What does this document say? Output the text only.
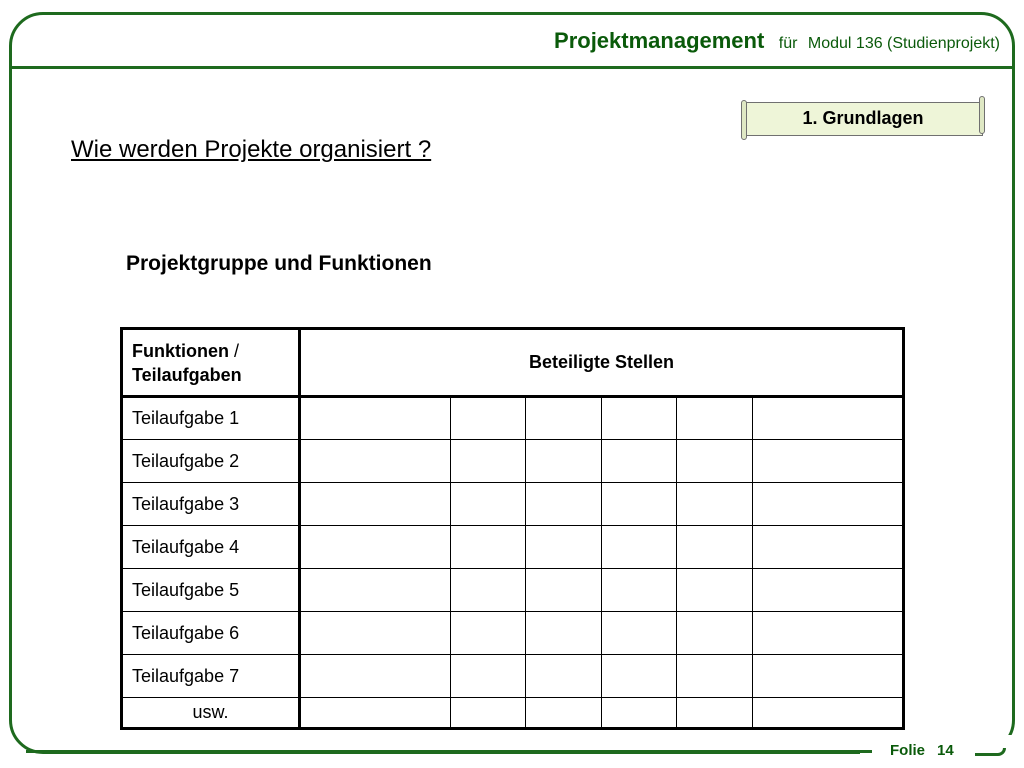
Projektmanagement für Modul 136 (Studienprojekt)
1. Grundlagen
Wie werden Projekte organisiert ?
Projektgruppe und Funktionen
Funktionen /
Teilaufgaben	Beteiligte Stellen					
Teilaufgabe 1						
Teilaufgabe 2						
Teilaufgabe 3						
Teilaufgabe 4						
Teilaufgabe 5						
Teilaufgabe 6						
Teilaufgabe 7						
usw.						
Folie 14
